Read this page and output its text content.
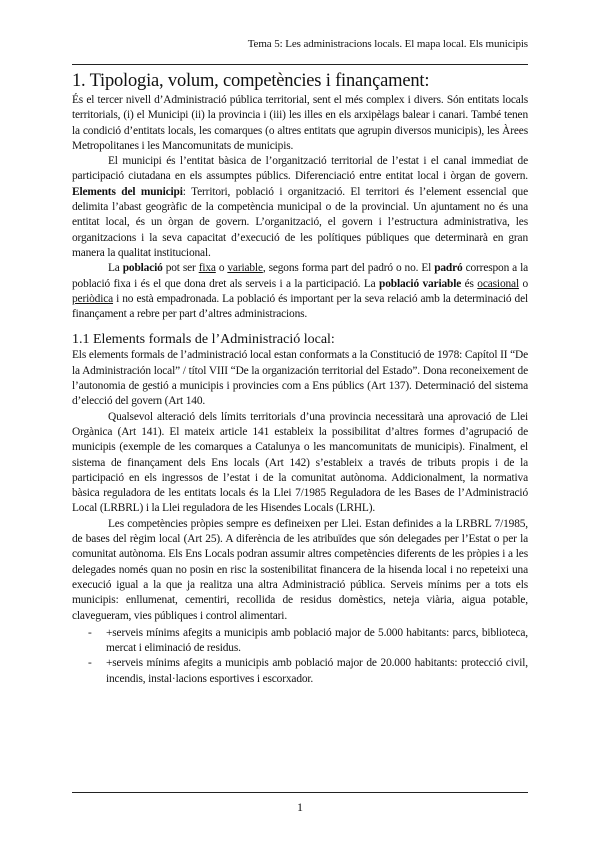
Tema 5: Les administracions locals. El mapa local. Els municipis
1. Tipologia, volum, competències i finançament:

És el tercer nivell d’Administració pública territorial, sent el més complex i divers. Són entitats locals territorials, (i) el Municipi (ii) la provincia i (iii) les illes en els arxipèlags balear i canari. També tenen la condició d’entitats locals, les comarques (o altres entitats que agrupin diversos municipis), les Àrees Metropolitanes i les Mancomunitats de municipis.

El municipi és l’entitat bàsica de l’organització territorial de l’estat i el canal immediat de participació ciutadana en els assumptes públics. Diferenciació entre entitat local i òrgan de govern. Elements del municipi: Territori, població i organització. El territori és l’element essencial que delimita l’abast geogràfic de la competència municipal o de la provincial. Un ajuntament no és una entitat local, és un òrgan de govern. L’organització, el govern i l’estructura administrativa, les organitzacions i la seva capacitat d’execució de les polítiques públiques que determinarà en gran manera la qualitat institucional.

La població pot ser fixa o variable, segons forma part del padró o no. El padró correspon a la població fixa i és el que dona dret als serveis i a la participació. La població variable és ocasional o periòdica i no està empadronada. La població és important per la seva relació amb la determinació del finançament a rebre per part d’altres administracions.

1.1 Elements formals de l’Administració local:

Els elements formals de l’administració local estan conformats a la Constitució de 1978: Capítol II “De la Administración local” / títol VIII “De la organización territorial del Estado”. Dona reconeixement de l’autonomia de gestió a municipis i provincies com a Ens públics (Art 137). Determinació del sistema d’elecció del govern (Art 140.

Qualsevol alteració dels límits territorials d’una provincia necessitarà una aprovació de Llei Orgànica (Art 141). El mateix article 141 estableix la possibilitat d’altres formes d’agrupació de municipis (exemple de les comarques a Catalunya o les mancomunitats de municipis). Finalment, el sistema de finançament dels Ens locals (Art 142) s’estableix a través de tributs propis i de la participació en els ingressos de l’estat i de la comunitat autònoma. Addicionalment, la normativa bàsica reguladora de les entitats locals és la Llei 7/1985 Reguladora de les Bases de l’Administració Local (LRBRL) i la Llei reguladora de les Hisendes Locals (LRHL).

Les competències pròpies sempre es defineixen per Llei. Estan definides a la LRBRL 7/1985, de bases del règim local (Art 25). A diferència de les atribuïdes que són delegades per l’Estat o per la comunitat autònoma. Els Ens Locals podran assumir altres competències diferents de les pròpies i a les delegades només quan no posin en risc la sostenibilitat financera de la hisenda local i no repeteixi una execució igual a la que ja realitza una altra Administració pública. Serveis mínims per a tots els municipis: enllumenat, cementiri, recollida de residus domèstics, neteja viària, aigua potable, clavegueram, vies públiques i control alimentari.

- +serveis mínims afegits a municipis amb població major de 5.000 habitants: parcs, biblioteca, mercat i eliminació de residus.
- +serveis mínims afegits a municipis amb població major de 20.000 habitants: protecció civil, incendis, instal·lacions esportives i escorxador.
1
